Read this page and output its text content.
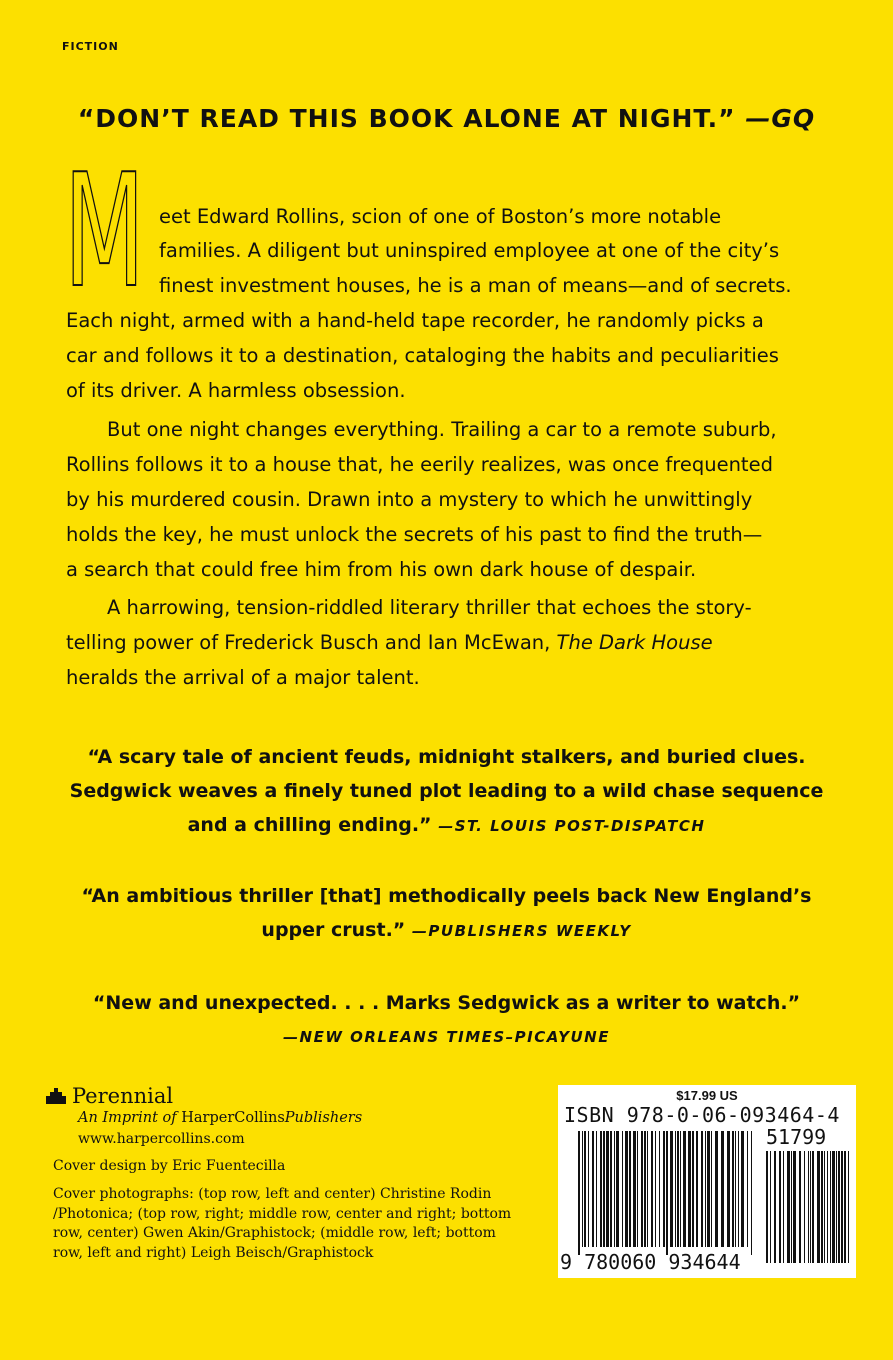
FICTION
“DON’T READ THIS BOOK ALONE AT NIGHT.” —GQ
M eet Edward Rollins, scion of one of Boston’s more notable
families. A diligent but uninspired employee at one of the city’s
finest investment houses, he is a man of means—and of secrets.
Each night, armed with a hand-held tape recorder, he randomly picks a
car and follows it to a destination, cataloging the habits and peculiarities
of its driver. A harmless obsession.
But one night changes everything. Trailing a car to a remote suburb,
Rollins follows it to a house that, he eerily realizes, was once frequented
by his murdered cousin. Drawn into a mystery to which he unwittingly
holds the key, he must unlock the secrets of his past to find the truth—
a search that could free him from his own dark house of despair.
A harrowing, tension-riddled literary thriller that echoes the story-
telling power of Frederick Busch and Ian McEwan, The Dark House
heralds the arrival of a major talent.
“A scary tale of ancient feuds, midnight stalkers, and buried clues.
Sedgwick weaves a finely tuned plot leading to a wild chase sequence
and a chilling ending.” —ST. LOUIS POST-DISPATCH
“An ambitious thriller [that] methodically peels back New England’s
upper crust.” —PUBLISHERS WEEKLY
“New and unexpected. . . . Marks Sedgwick as a writer to watch.”
—NEW ORLEANS TIMES–PICAYUNE
Perennial
An Imprint of HarperCollinsPublishers
www.harpercollins.com
Cover design by Eric Fuentecilla
Cover photographs: (top row, left and center) Christine Rodin /Photonica; (top row, right; middle row, center and right; bottom row, center) Gwen Akin/Graphistock; (middle row, left; bottom row, left and right) Leigh Beisch/Graphistock
$17.99 US
ISBN 978-0-06-093464-4
51799
9 780060 934644
